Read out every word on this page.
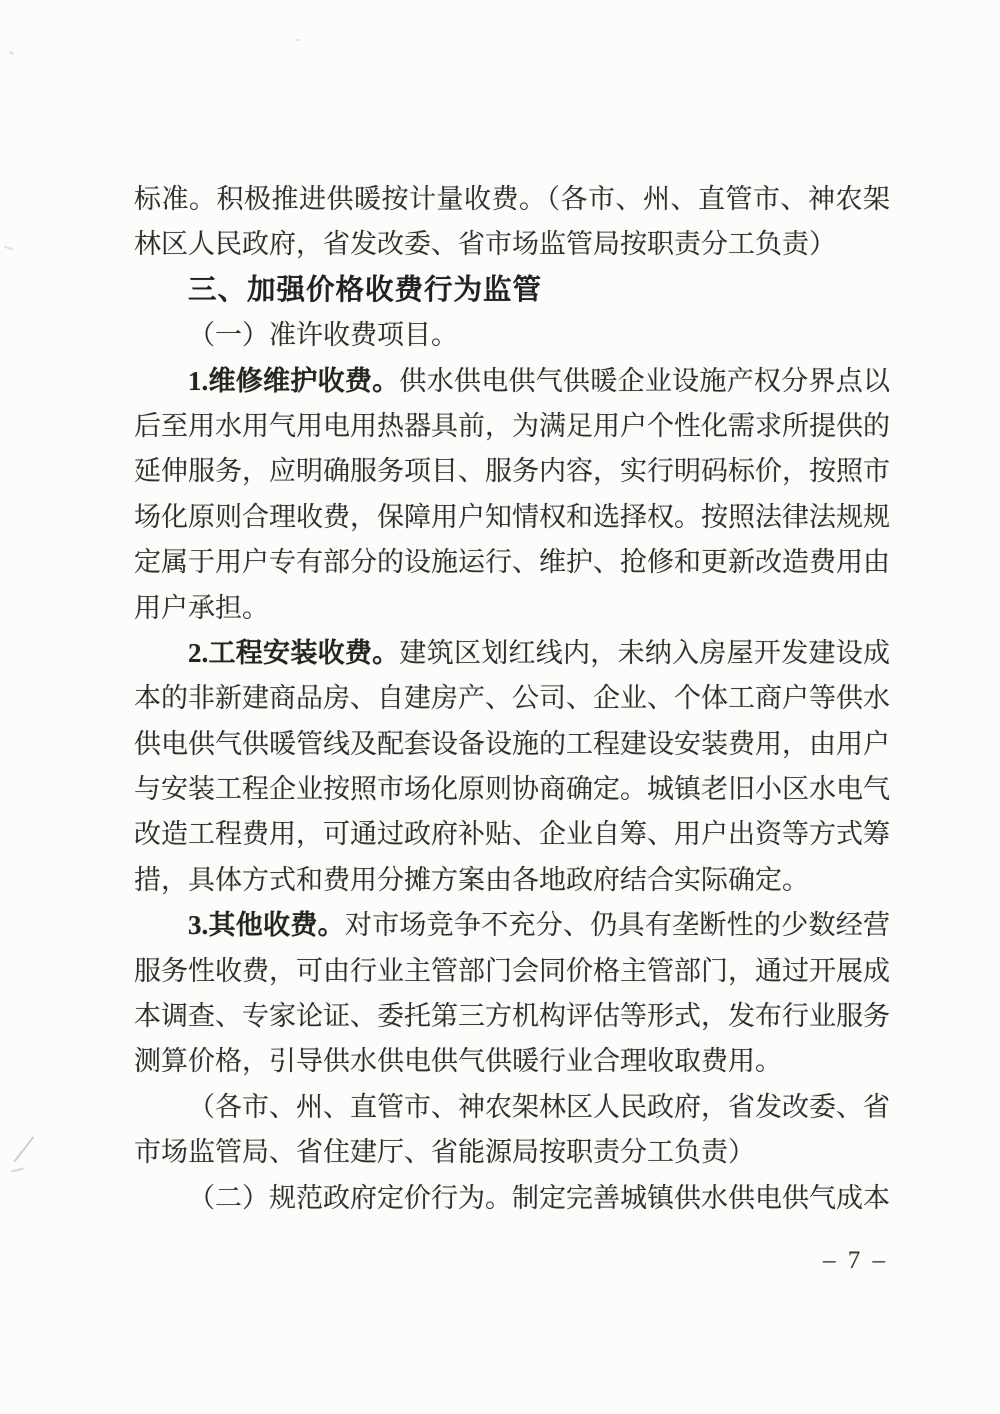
标准。积极推进供暖按计量收费。（各市、州、直管市、神农架
林区人民政府，省发改委、省市场监管局按职责分工负责）
三、加强价格收费行为监管
（一）准许收费项目。
1.维修维护收费。供水供电供气供暖企业设施产权分界点以
后至用水用气用电用热器具前，为满足用户个性化需求所提供的
延伸服务，应明确服务项目、服务内容，实行明码标价，按照市
场化原则合理收费，保障用户知情权和选择权。按照法律法规规
定属于用户专有部分的设施运行、维护、抢修和更新改造费用由
用户承担。
2.工程安装收费。建筑区划红线内，未纳入房屋开发建设成
本的非新建商品房、自建房产、公司、企业、个体工商户等供水
供电供气供暖管线及配套设备设施的工程建设安装费用，由用户
与安装工程企业按照市场化原则协商确定。城镇老旧小区水电气
改造工程费用，可通过政府补贴、企业自筹、用户出资等方式筹
措，具体方式和费用分摊方案由各地政府结合实际确定。
3.其他收费。对市场竞争不充分、仍具有垄断性的少数经营
服务性收费，可由行业主管部门会同价格主管部门，通过开展成
本调查、专家论证、委托第三方机构评估等形式，发布行业服务
测算价格，引导供水供电供气供暖行业合理收取费用。
（各市、州、直管市、神农架林区人民政府，省发改委、省
市场监管局、省住建厅、省能源局按职责分工负责）
（二）规范政府定价行为。制定完善城镇供水供电供气成本
– 7 –
